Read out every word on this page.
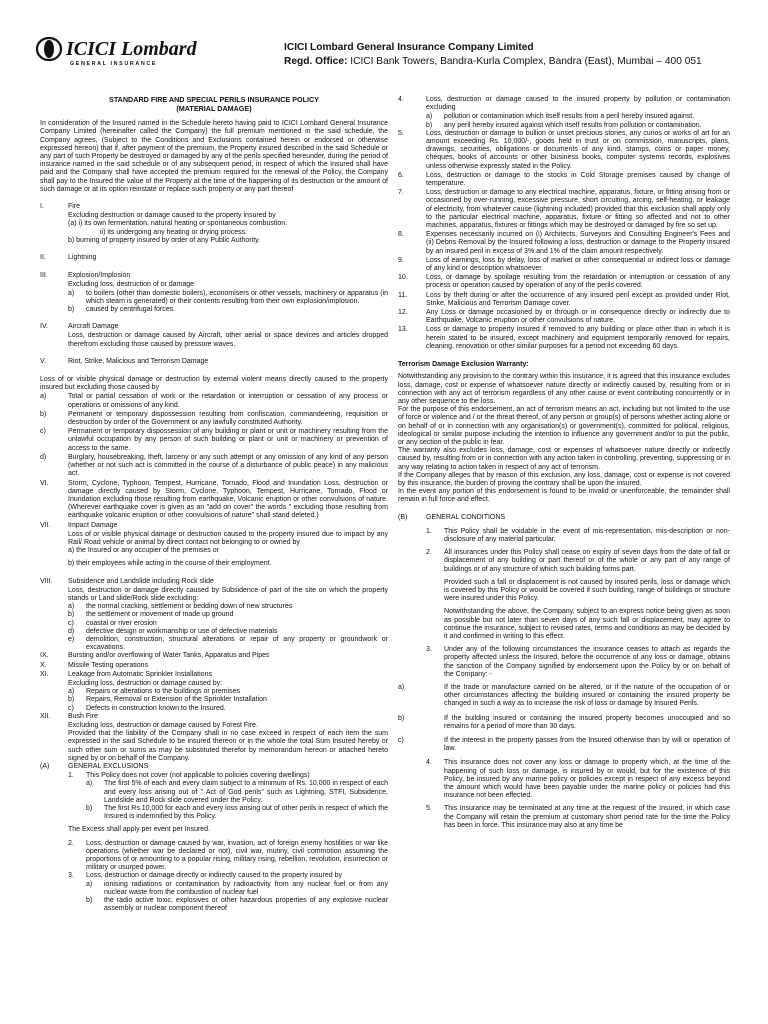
ICICI Lombard
GENERAL INSURANCE
ICICI Lombard General Insurance Company Limited
Regd. Office: ICICI Bank Towers, Bandra-Kurla Complex, Bandra (East), Mumbai – 400 051
STANDARD FIRE AND SPECIAL PERILS INSURANCE POLICY
(MATERIAL DAMAGE)

In consideration of the Insured named in the Schedule hereto having paid to ICICI Lombard General Insurance Company Limited (hereinafter called the Company) the full premium mentioned in the said schedule, the Company agrees, (Subject to the Conditions and Exclusions contained herein or endorsed or otherwise expressed hereon) that if, after payment of the premium, the Property insured described in the said Schedule or any part of such Property be destroyed or damaged by any of the perils specified hereunder, during the period of insurance named in the said schedule or of any subsequent period, in respect of which the Insured shall have paid and the Company shall have accepted the premium required for the renewal of the Policy, the Company shall pay to the Insured the value of the Property at the time of the happening of its destruction or the amount of such damage or at its option reinstate or replace such property or any part thereof

I.	Fire
Excluding destruction or damage caused to the property insured by
(a) i) its own fermentation, natural heating or spontaneous combustion.
ii) its undergoing any heating or drying process.
b) burning of property insured by order of any Public Authority.
II.	Lightning
III.	Explosion/Implosion
Excluding loss, destruction of or damage
a)	to boilers (other than domestic boilers), economisers or other vessels, machinery or apparatus (in which steam is generated) or their contents resulting from their own explosion/implosion.
b)	caused by centrifugal forces.
IV.	Aircraft Damage
Loss, destruction or damage caused by Aircraft, other aerial or space devices and articles dropped therefrom excluding those caused by pressure waves.
V.	Riot, Strike, Malicious and Terrorism Damage

Loss of or visible physical damage or destruction by external violent means directly caused to the property insured but excluding those caused by

a)	Total or partial cessation of work or the retardation or interruption or cessation of any process or operations or omissions of any kind.
b)	Permanent or temporary dispossession resulting from confiscation, commandeering, requisition or destruction by order of the Government or any lawfully constituted Authority.
c)	Permanent or temporary dispossession of any building or plant or unit or machinery resulting from the unlawful occupation by any person of such building or plant or unit or machinery or prevention of access to the same.
d)	Burglary, housebreaking, theft, larceny or any such attempt or any omission of any kind of any person (whether or not such act is committed in the course of a disturbance of public peace) in any malicious act.
VI.	Storm, Cyclone, Typhoon, Tempest, Hurricane, Tornado, Flood and Inundation Loss, destruction or damage directly caused by Storm, Cyclone, Typhoon, Tempest, Hurricane, Tornado, Flood or Inundation excluding those resulting from earthquake, Volcanic eruption or other convulsions of nature. (Wherever earthquake cover is given as an "add on cover" the words " excluding those resulting from earthquake volcanic eruption or other convulsions of nature" shall stand deleted.)
VII.	Impact Damage
Loss of or visible physical damage or destruction caused to the property insured due to impact by any Rail/ Road vehicle or animal by direct contact not belonging to or owned by
a) the Insured or any occupier of the premises or
b) their employees while acting in the course of their employment.
VIII.	Subsidence and Landslide including Rock slide
Loss, destruction or damage directly caused by Subsidence of part of the site on which the property stands or Land slide/Rock slide excluding:
a)	the normal cracking, settlement or bedding down of new structures
b)	the settlement or movement of made up ground
c)	coastal or river erosion
d)	defective design or workmanship or use of defective materials
e)	demolition, construction, structural alterations or repair of any property or groundwork or excavations.
IX.	Bursting and/or overflowing of Water Tanks, Apparatus and Pipes
X.	Missile Testing operations
XI.	Leakage from Automatic Sprinkler Installations
Excluding loss, destruction or damage caused by:
a)	Repairs or alterations to the buildings or premises
b)	Repairs, Removal or Extension of the Sprinkler Installation
c)	Defects in construction known to the Insured.
XII.	Bush Fire
Excluding loss, destruction or damage caused by Forest Fire.
Provided that the liability of the Company shall in no case exceed in respect of each item the sum expressed in the said Schedule to be insured thereon or in the whole the total Sum Insured hereby or such other sum or sums as may be substituted therefor by memorandum hereon or attached hereto signed by or on behalf of the Company.
(A)	GENERAL EXCLUSIONS
1.	This Policy does not cover (not applicable to policies covering dwellings)
a)	The first 5% of each and every claim subject to a minimum of Rs. 10,000 in respect of each and every loss arising out of " Act of God perils" such as Lightning, STFI, Subsidence, Landslide and Rock slide covered under the Policy.
b)	The first Rs.10,000 for each and every loss arising out of other perils in respect of which the Insured is indemnified by this Policy.
The Excess shall apply per event per Insured.
2.	Loss, destruction or damage caused by war, invasion, act of foreign enemy hostilities or war like operations (whether war be declared or not), civil war, mutiny, civil commotion assuming the proportions of or amounting to a popular rising, military rising, rebellion, revolution, insurrection or military or usurped power.
3.	Loss, destruction or damage directly or indirectly caused to the property insured by
a)	ionising radiations or contamination by radioactivity from any nuclear fuel or from any nuclear waste from the combustion of nuclear fuel
b)	the radio active toxic, explosives or other hazardous properties of any explosive nuclear assembly or nuclear component thereof
4.	Loss, destruction or damage caused to the insured property by pollution or contamination excluding
a)	pollution or contamination which itself results from a peril hereby insured against.
b)	any peril hereby insured against which itself results from pollution or contamination.
5.	Loss, destruction or damage to bullion or unset precious stones, any curios or works of art for an amount exceeding Rs. 10,000/-, goods held in trust or on commission, manuscripts, plans, drawings, securities, obligations or documents of any kind, stamps, coins or paper money, cheques, books of accounts or other business books, computer systems records, explosives unless otherwise expressly stated in the Policy.
6.	Loss, destruction or damage to the stocks in Cold Storage premises caused by change of temperature.
7.	Loss, destruction or damage to any electrical machine, apparatus, fixture, or fitting arising from or occasioned by over-running, excessive pressure, short circuiting, arcing, self-heating, or leakage of electricity, from whatever cause (lightning included) provided that this exclusion shall apply only to the particular electrical machine, apparatus, fixture or fitting so affected and not to other machines, apparatus, fixtures or fittings which may be destroyed or damaged by fire so set up.
8.	Expenses necessarily incurred on (i) Architects, Surveyors and Consulting Engineer's Fees and (ii) Debris Removal by the Insured following a loss, destruction or damage to the Property insured by an insured peril in excess of 3% and 1% of the claim amount respectively.
9.	Loss of earnings, loss by delay, loss of market or other consequential or indirect loss or damage of any kind or description whatsoever.
10.	Loss, or damage by spoilage resulting from the retardation or interruption or cessation of any process or operation caused by operation of any of the perils covered.
11.	Loss by theft during or after the occurrence of any insured peril except as provided under Riot, Strike, Malicious and Terrorism Damage cover.
12.	Any Loss or damage occasioned by or through or in consequence directly or indirectly due to Earthquake, Volcanic eruption or other convulsions of nature.
13.	Loss or damage to property insured if removed to any building or place other than in which it is herein stated to be insured, except machinery and equipment temporarily removed for repairs, cleaning, renovation or other similar purposes for a period not exceeding 60 days.

Terrorism Damage Exclusion Warranty:

Notwithstanding any provision to the contrary within this insurance, it is agreed that this insurance excludes loss, damage, cost or expense of whatsoever nature directly or indirectly caused by, resulting from or in connection with any act of terrorism regardless of any other cause or event contributing concurrently or in any other sequence to the loss.

For the purpose of this endorsement, an act of terrorism means an act, including but not limited to the use of force or violence and / or the threat thereof, of any person or group(s) of persons whether acting alone or on behalf of or in connection with any organisation(s) or government(s), committed for political, religious, ideological or similar purpose including the intention to influence any government and/or to put the public, or any section of the public in fear.

The warranty also excludes loss, damage, cost or expenses of whatsoever nature directly or indirectly caused by, resulting from or in connection with any action taken in controlling, preventing, suppressing or in any way relating to action taken in respect of any act of terrorism.

If the Company alleges that by reason of this exclusion, any loss, damage, cost or expense is not covered by this insurance, the burden of proving the contrary shall be upon the insured.

In the event any portion of this endorsement is found to be invalid or unenforceable, the remainder shall remain in full force and effect.

(B)	GENERAL CONDITIONS
1.	This Policy shall be voidable in the event of mis-representation, mis-description or non-disclosure of any material particular.
2.	All insurances under this Policy shall cease on expiry of seven days from the date of fall or displacement of any building or part thereof or of the whole or any part of any range of buildings or of any structure of which such building forms part.
Provided such a fall or displacement is not caused by insured perils, loss or damage which is covered by this Policy or would be covered if such building, range of buildings or structure were insured under this Policy.
Notwithstanding the above, the Company, subject to an express notice being given as soon as possible but not later than seven days of any such fall or displacement, may agree to continue the insurance, subject to revised rates, terms and conditions as may be decided by it and confirmed in writing to this effect.
3.	Under any of the following circumstances the insurance ceases to attach as regards the property affected unless the Insured, before the occurrence of any loss or damage, obtains the sanction of the Company signified by endorsement upon the Policy by or on behalf of the Company: -
a)	If the trade or manufacture carried on be altered, or if the nature of the occupation of or other circumstances affecting the building insured or containing the insured property be changed in such a way as to increase the risk of loss or damage by Insured Perils.
b)	If the building insured or containing the insured property becomes unoccupied and so remains for a period of more than 30 days.
c)	If the interest in the property passes from the Insured otherwise than by will or operation of law.
4.	This insurance does not cover any loss or damage to property which, at the time of the happening of such loss or damage, is insured by or would, but for the existence of this Policy, be insured by any marine policy or policies except in respect of any excess beyond the amount which would have been payable under the marine policy or policies had this insurance not been effected.
5.	This Insurance may be terminated at any time at the request of the Insured, in which case the Company will retain the premium at customary short period rate for the time the Policy has been in force. This insurance may also at any time be
